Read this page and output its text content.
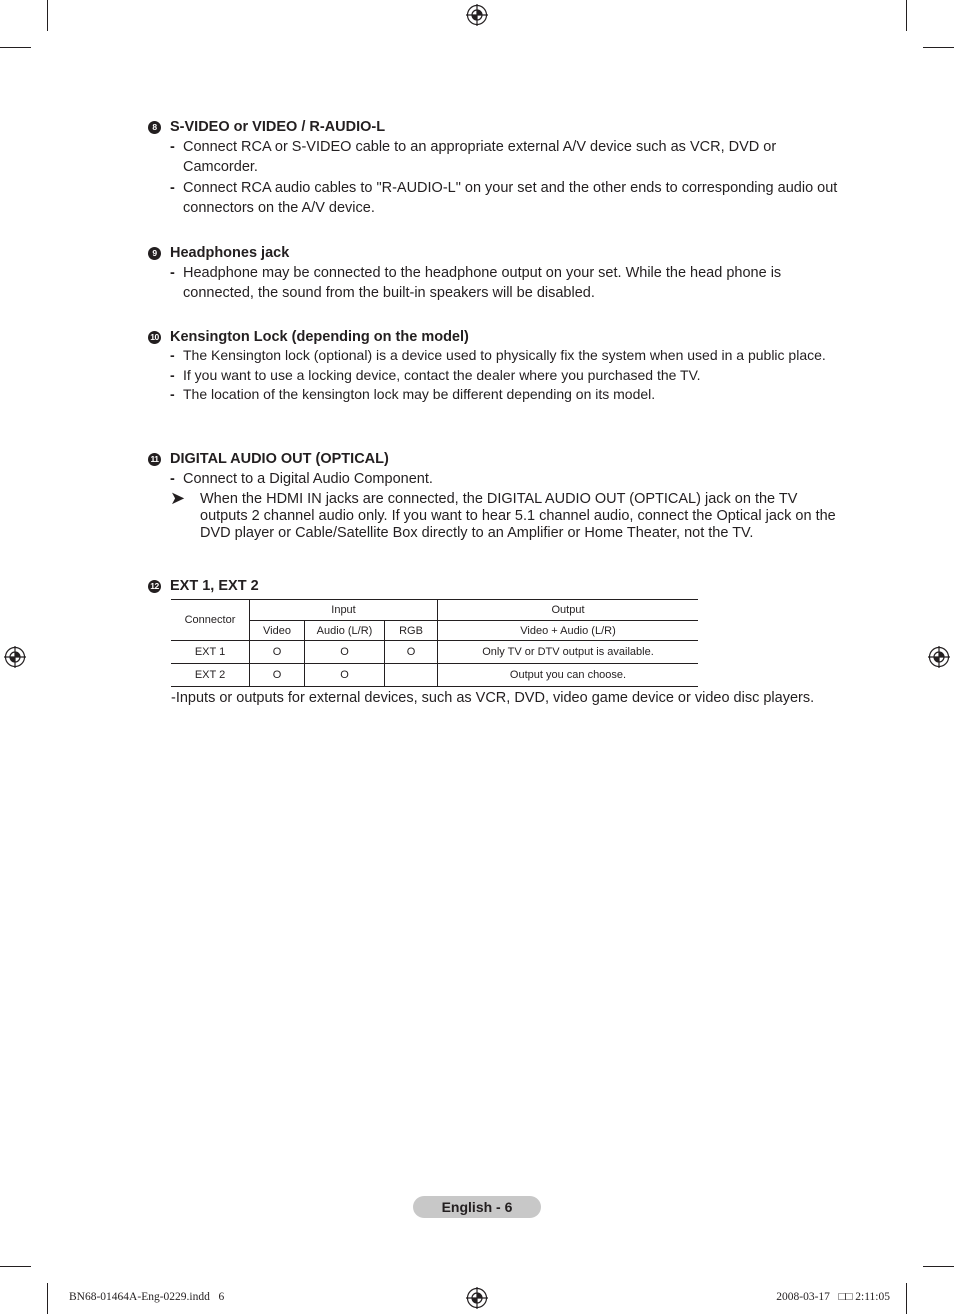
8 S-VIDEO or VIDEO / R-AUDIO-L
- Connect RCA or S-VIDEO cable to an appropriate external A/V device such as VCR, DVD or Camcorder.
- Connect RCA audio cables to "R-AUDIO-L" on your set and the other ends to corresponding audio out connectors on the A/V device.
9 Headphones jack
- Headphone may be connected to the headphone output on your set. While the head phone is connected, the sound from the built-in speakers will be disabled.
10 Kensington Lock (depending on the model)
- The Kensington lock (optional) is a device used to physically fix the system when used in a public place.
- If you want to use a locking device, contact the dealer where you purchased the TV.
- The location of the kensington lock may be different depending on its model.
11 DIGITAL AUDIO OUT (OPTICAL)
- Connect to a Digital Audio Component.
➤ When the HDMI IN jacks are connected, the DIGITAL AUDIO OUT (OPTICAL) jack on the TV outputs 2 channel audio only. If you want to hear 5.1 channel audio, connect the Optical jack on the DVD player or Cable/Satellite Box directly to an Amplifier or Home Theater, not the TV.
12 EXT 1, EXT 2
Connector	Input			Output
	Video	Audio (L/R)	RGB	Video + Audio (L/R)
EXT 1	O	O	O	Only TV or DTV output is available.
EXT 2	O	O		Output you can choose.
-Inputs or outputs for external devices, such as VCR, DVD, video game device or video disc players.
English - 6
BN68-01464A-Eng-0229.indd   6	2008-03-17   □□ 2:11:05
